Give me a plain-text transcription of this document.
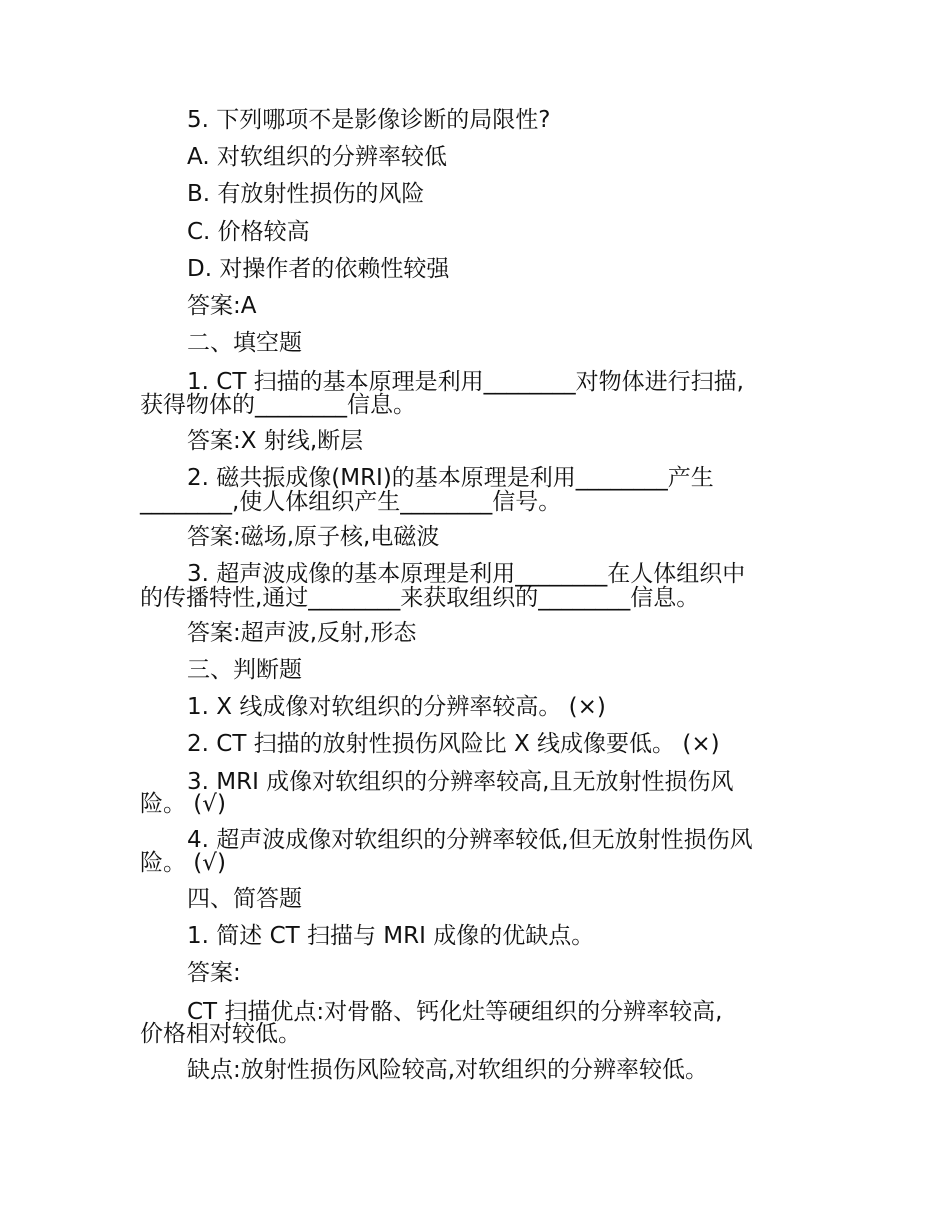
5. 下列哪项不是影像诊断的局限性?
A. 对软组织的分辨率较低
B. 有放射性损伤的风险
C. 价格较高
D. 对操作者的依赖性较强
答案:A
二、填空题
1. CT 扫描的基本原理是利用________对物体进行扫描,
获得物体的________信息。
答案:X 射线,断层
2. 磁共振成像(MRI)的基本原理是利用________产生
________,使人体组织产生________信号。
答案:磁场,原子核,电磁波
3. 超声波成像的基本原理是利用________在人体组织中
的传播特性,通过________来获取组织的________信息。
答案:超声波,反射,形态
三、判断题
1. X 线成像对软组织的分辨率较高。 (×)
2. CT 扫描的放射性损伤风险比 X 线成像要低。 (×)
3. MRI 成像对软组织的分辨率较高,且无放射性损伤风
险。 (√)
4. 超声波成像对软组织的分辨率较低,但无放射性损伤风
险。 (√)
四、简答题
1. 简述 CT 扫描与 MRI 成像的优缺点。
答案:
CT 扫描优点:对骨骼、钙化灶等硬组织的分辨率较高,
价格相对较低。
缺点:放射性损伤风险较高,对软组织的分辨率较低。
